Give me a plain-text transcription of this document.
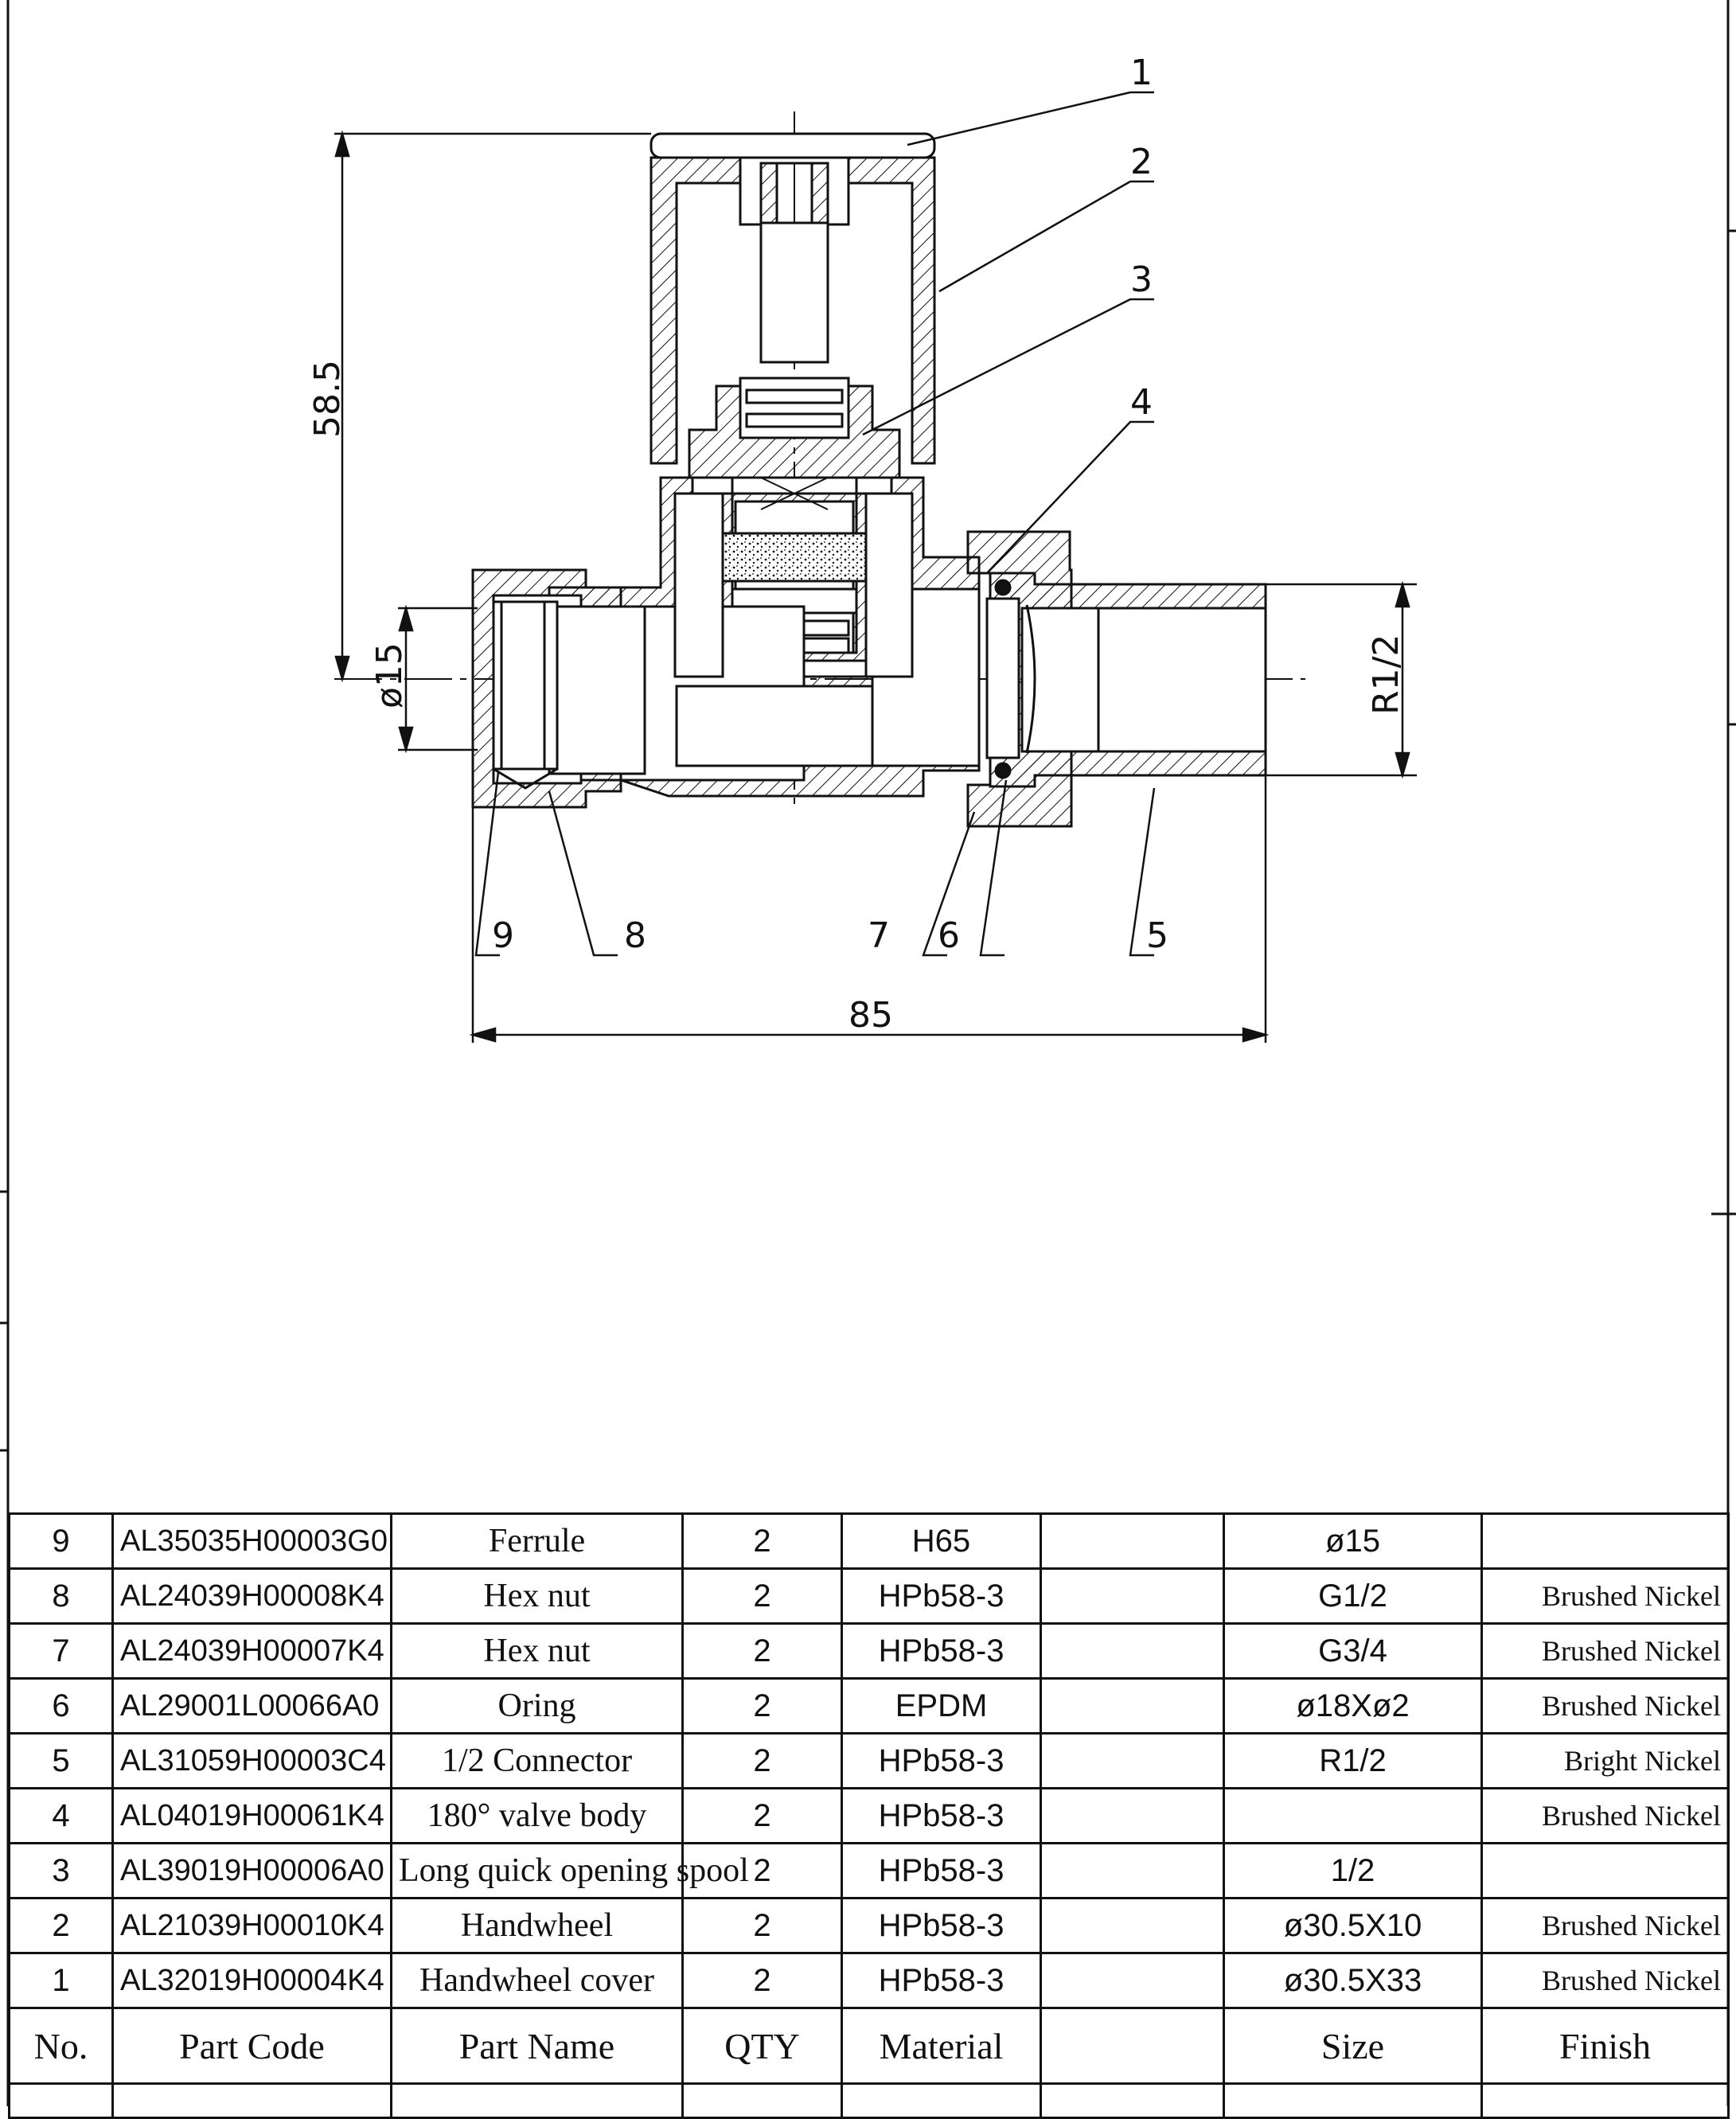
1
2
3
4
5
6
7
8
9
58.5
ø15	R1/2
85
9	AL35035H00003G0	Ferrule	2	H65		ø15	
8	AL24039H00008K4	Hex nut	2	HPb58-3		G1/2	Brushed Nickel
7	AL24039H00007K4	Hex nut	2	HPb58-3		G3/4	Brushed Nickel
6	AL29001L00066A0	Oring	2	EPDM		ø18Xø2	Brushed Nickel
5	AL31059H00003C4	1/2 Connector	2	HPb58-3		R1/2	Bright Nickel
4	AL04019H00061K4	180° valve body	2	HPb58-3			Brushed Nickel
3	AL39019H00006A0	Long quick opening spool	2	HPb58-3		1/2	
2	AL21039H00010K4	Handwheel	2	HPb58-3		ø30.5X10	Brushed Nickel
1	AL32019H00004K4	Handwheel cover	2	HPb58-3		ø30.5X33	Brushed Nickel
No.	Part Code	Part Name	QTY	Material		Size	Finish
